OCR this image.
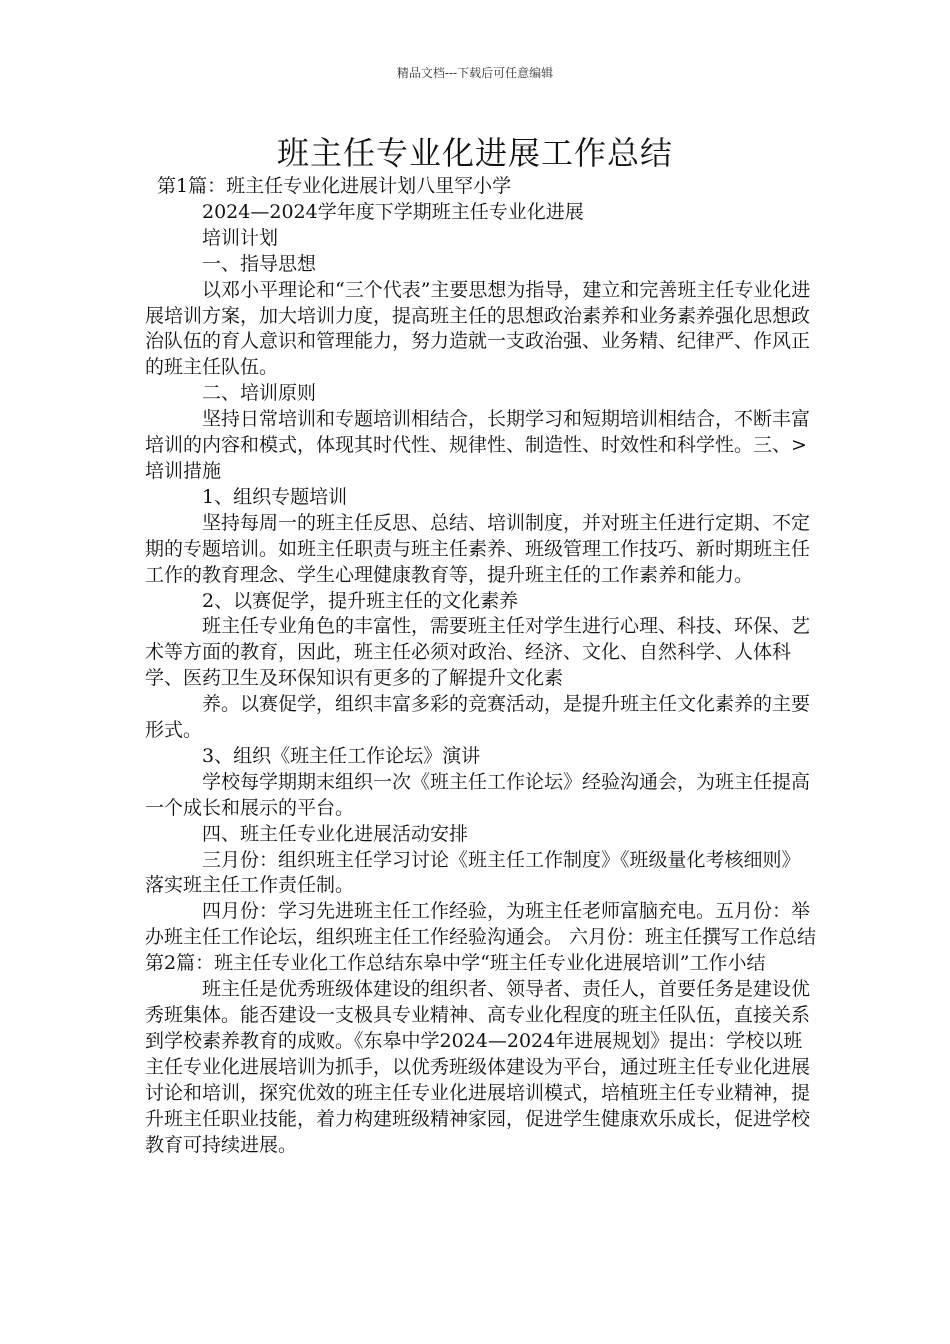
精品文档---下载后可任意编辑
班主任专业化进展工作总结

第1篇：班主任专业化进展计划八里罕小学

2024—2024学年度下学期班主任专业化进展

培训计划

一、指导思想

以邓小平理论和“三个代表”主要思想为指导，建立和完善班主任专业化进展培训方案，加大培训力度，提高班主任的思想政治素养和业务素养强化思想政治队伍的育人意识和管理能力，努力造就一支政治强、业务精、纪律严、作风正的班主任队伍。

二、培训原则

坚持日常培训和专题培训相结合，长期学习和短期培训相结合，不断丰富培训的内容和模式，体现其时代性、规律性、制造性、时效性和科学性。三、>培训措施

1、组织专题培训

坚持每周一的班主任反思、总结、培训制度，并对班主任进行定期、不定期的专题培训。如班主任职责与班主任素养、班级管理工作技巧、新时期班主任工作的教育理念、学生心理健康教育等，提升班主任的工作素养和能力。

2、以赛促学，提升班主任的文化素养

班主任专业角色的丰富性，需要班主任对学生进行心理、科技、环保、艺术等方面的教育，因此，班主任必须对政治、经济、文化、自然科学、人体科学、医药卫生及环保知识有更多的了解提升文化素

养。以赛促学，组织丰富多彩的竞赛活动，是提升班主任文化素养的主要形式。

3、组织《班主任工作论坛》演讲

学校每学期期末组织一次《班主任工作论坛》经验沟通会，为班主任提高一个成长和展示的平台。

四、班主任专业化进展活动安排

三月份：组织班主任学习讨论《班主任工作制度》《班级量化考核细则》落实班主任工作责任制。

四月份：学习先进班主任工作经验，为班主任老师富脑充电。五月份：举办班主任工作论坛，组织班主任工作经验沟通会。 六月份：班主任撰写工作总结第2篇：班主任专业化工作总结东皋中学“班主任专业化进展培训”工作小结

班主任是优秀班级体建设的组织者、领导者、责任人，首要任务是建设优秀班集体。能否建设一支极具专业精神、高专业化程度的班主任队伍，直接关系到学校素养教育的成败。《东皋中学2024—2024年进展规划》提出：学校以班主任专业化进展培训为抓手，以优秀班级体建设为平台，通过班主任专业化进展讨论和培训，探究优效的班主任专业化进展培训模式，培植班主任专业精神，提升班主任职业技能，着力构建班级精神家园，促进学生健康欢乐成长，促进学校教育可持续进展。
